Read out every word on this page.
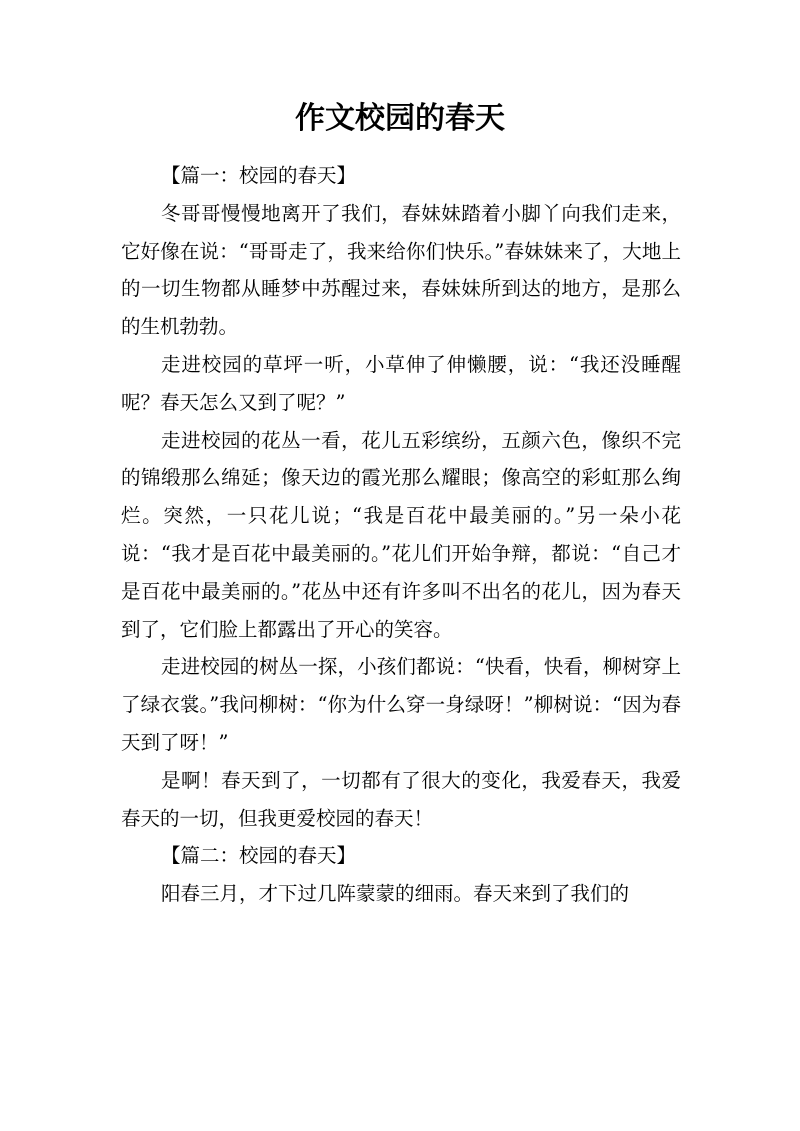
作文校园的春天

【篇一：校园的春天】

冬哥哥慢慢地离开了我们，春妹妹踏着小脚丫向我们走来，它好像在说：“哥哥走了，我来给你们快乐。”春妹妹来了，大地上的一切生物都从睡梦中苏醒过来，春妹妹所到达的地方，是那么的生机勃勃。

走进校园的草坪一听，小草伸了伸懒腰，说：“我还没睡醒呢？春天怎么又到了呢？”

走进校园的花丛一看，花儿五彩缤纷，五颜六色，像织不完的锦缎那么绵延；像天边的霞光那么耀眼；像高空的彩虹那么绚烂。突然，一只花儿说；“我是百花中最美丽的。”另一朵小花说：“我才是百花中最美丽的。”花儿们开始争辩，都说：“自己才是百花中最美丽的。”花丛中还有许多叫不出名的花儿，因为春天到了，它们脸上都露出了开心的笑容。

走进校园的树丛一探，小孩们都说：“快看，快看，柳树穿上了绿衣裳。”我问柳树：“你为什么穿一身绿呀！”柳树说：“因为春天到了呀！”

是啊！春天到了，一切都有了很大的变化，我爱春天，我爱春天的一切，但我更爱校园的春天！

【篇二：校园的春天】

阳春三月，才下过几阵蒙蒙的细雨。春天来到了我们的
